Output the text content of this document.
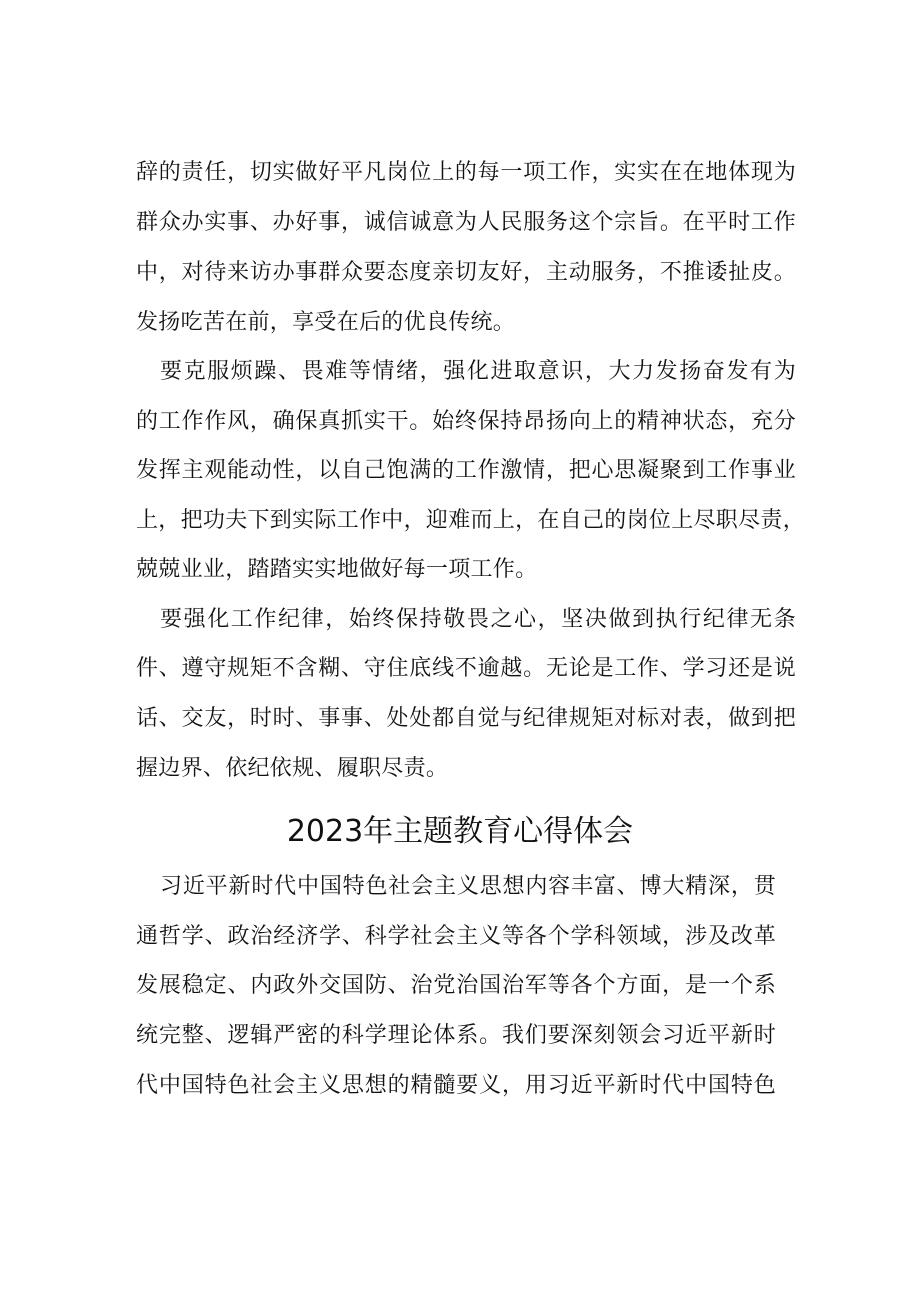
辞的责任，切实做好平凡岗位上的每一项工作，实实在在地体现为
群众办实事、办好事，诚信诚意为人民服务这个宗旨。在平时工作
中，对待来访办事群众要态度亲切友好，主动服务，不推诿扯皮。
发扬吃苦在前，享受在后的优良传统。
要克服烦躁、畏难等情绪，强化进取意识，大力发扬奋发有为
的工作作风，确保真抓实干。始终保持昂扬向上的精神状态，充分
发挥主观能动性，以自己饱满的工作激情，把心思凝聚到工作事业
上，把功夫下到实际工作中，迎难而上，在自己的岗位上尽职尽责，
兢兢业业，踏踏实实地做好每一项工作。
要强化工作纪律，始终保持敬畏之心，坚决做到执行纪律无条
件、遵守规矩不含糊、守住底线不逾越。无论是工作、学习还是说
话、交友，时时、事事、处处都自觉与纪律规矩对标对表，做到把
握边界、依纪依规、履职尽责。
2023年主题教育心得体会
习近平新时代中国特色社会主义思想内容丰富、博大精深，贯
通哲学、政治经济学、科学社会主义等各个学科领域，涉及改革
发展稳定、内政外交国防、治党治国治军等各个方面，是一个系
统完整、逻辑严密的科学理论体系。我们要深刻领会习近平新时
代中国特色社会主义思想的精髓要义，用习近平新时代中国特色
